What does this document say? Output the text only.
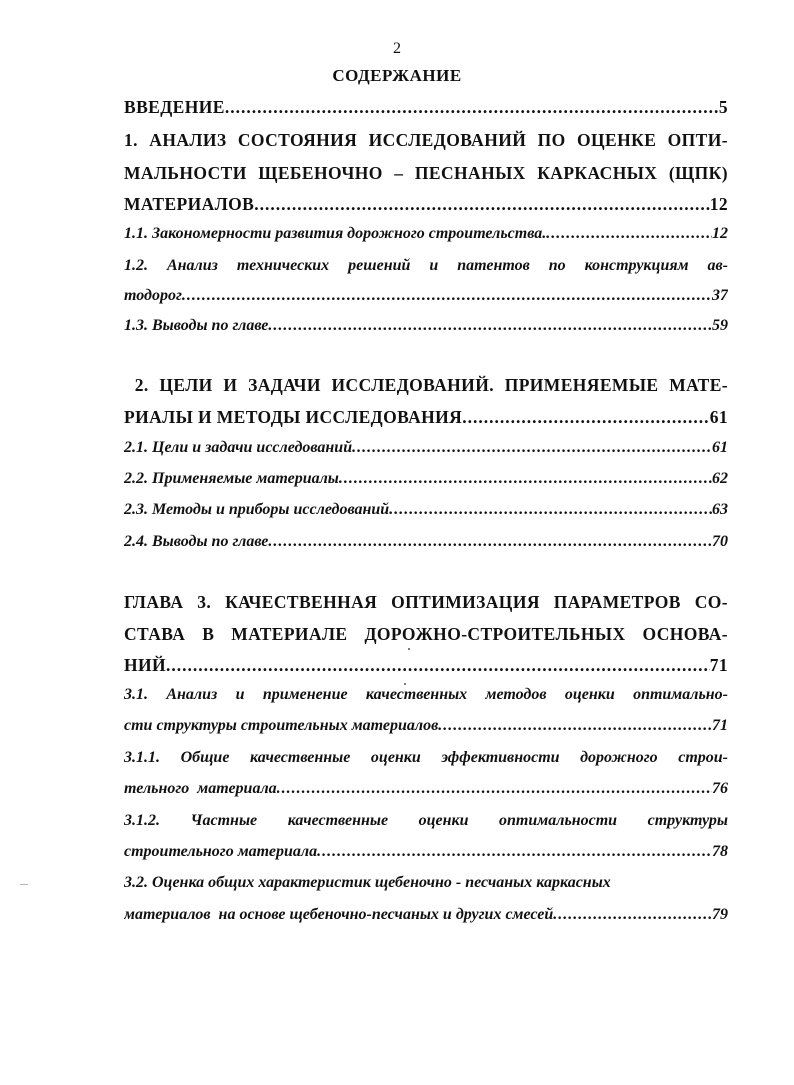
2
СОДЕРЖАНИЕ
ВВЕДЕНИЕ .....	5
1. АНАЛИЗ СОСТОЯНИЯ ИССЛЕДОВАНИЙ ПО ОЦЕНКЕ ОПТИ-
МАЛЬНОСТИ ЩЕБЕНОЧНО – ПЕСНАНЫХ КАРКАСНЫХ (ЩПК)
МАТЕРИАЛОВ .....	12
1.1. Закономерности развития дорожного строительства. .....	12
1.2. Анализ технических решений и патентов по конструкциям ав-
тодорог .....	37
1.3. Выводы по главе .....	59
2. ЦЕЛИ И ЗАДАЧИ ИССЛЕДОВАНИЙ. ПРИМЕНЯЕМЫЕ МАТЕ-
РИАЛЫ И МЕТОДЫ ИССЛЕДОВАНИЯ .....	61
2.1. Цели и задачи исследований .....	61
2.2. Применяемые материалы .....	62
2.3. Методы и приборы исследований .....	63
2.4. Выводы по главе .....	70
ГЛАВА 3. КАЧЕСТВЕННАЯ ОПТИМИЗАЦИЯ ПАРАМЕТРОВ СО-
СТАВА В МАТЕРИАЛЕ ДОРОЖНО-СТРОИТЕЛЬНЫХ ОСНОВА-
НИЙ .....	71
3.1. Анализ и применение качественных методов оценки оптимально-
сти структуры строительных материалов .....	71
3.1.1. Общие качественные оценки эффективности дорожного строи-
тельного  материала .....	76
3.1.2. Частные качественные оценки оптимальности структуры
строительного материала .....	78
3.2. Оценка общих характеристик щебеночно - песчаных каркасных
материалов  на основе щебеночно-песчаных и других смесей .....	79
....
